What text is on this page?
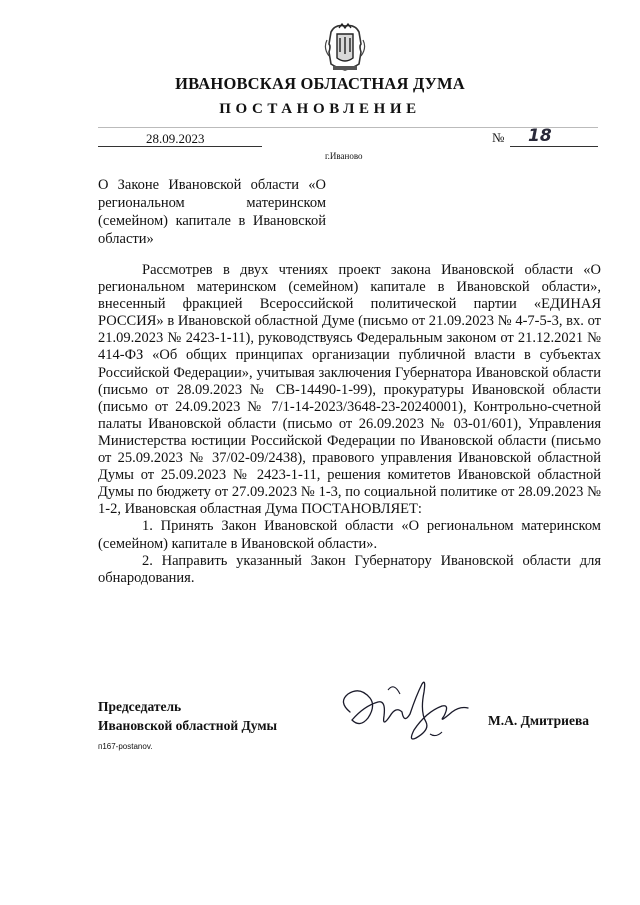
ИВАНОВСКАЯ ОБЛАСТНАЯ ДУМА
ПОСТАНОВЛЕНИЕ
28.09.2023	№ 18
г.Иваново
О Законе Ивановской области «О региональном материнском (семейном) капитале в Ивановской области»

Рассмотрев в двух чтениях проект закона Ивановской области «О региональном материнском (семейном) капитале в Ивановской области», внесенный фракцией Всероссийской политической партии «ЕДИНАЯ РОССИЯ» в Ивановской областной Думе (письмо от 21.09.2023 № 4-7-5-3, вх. от 21.09.2023 № 2423-1-11), руководствуясь Федеральным законом от 21.12.2021 № 414-ФЗ «Об общих принципах организации публичной власти в субъектах Российской Федерации», учитывая заключения Губернатора Ивановской области (письмо от 28.09.2023 № СВ-14490-1-99), прокуратуры Ивановской области (письмо от 24.09.2023 № 7/1-14-2023/3648-23-20240001), Контрольно-счетной палаты Ивановской области (письмо от 26.09.2023 № 03-01/601), Управления Министерства юстиции Российской Федерации по Ивановской области (письмо от 25.09.2023 № 37/02-09/2438), правового управления Ивановской областной Думы от 25.09.2023 № 2423-1-11, решения комитетов Ивановской областной Думы по бюджету от 27.09.2023 № 1-3, по социальной политике от 28.09.2023 № 1-2, Ивановская областная Дума ПОСТАНОВЛЯЕТ:

1. Принять Закон Ивановской области «О региональном материнском (семейном) капитале в Ивановской области».

2. Направить указанный Закон Губернатору Ивановской области для обнародования.

Председатель
Ивановской областной Думы	М.А. Дмитриева
п167-postanov.
